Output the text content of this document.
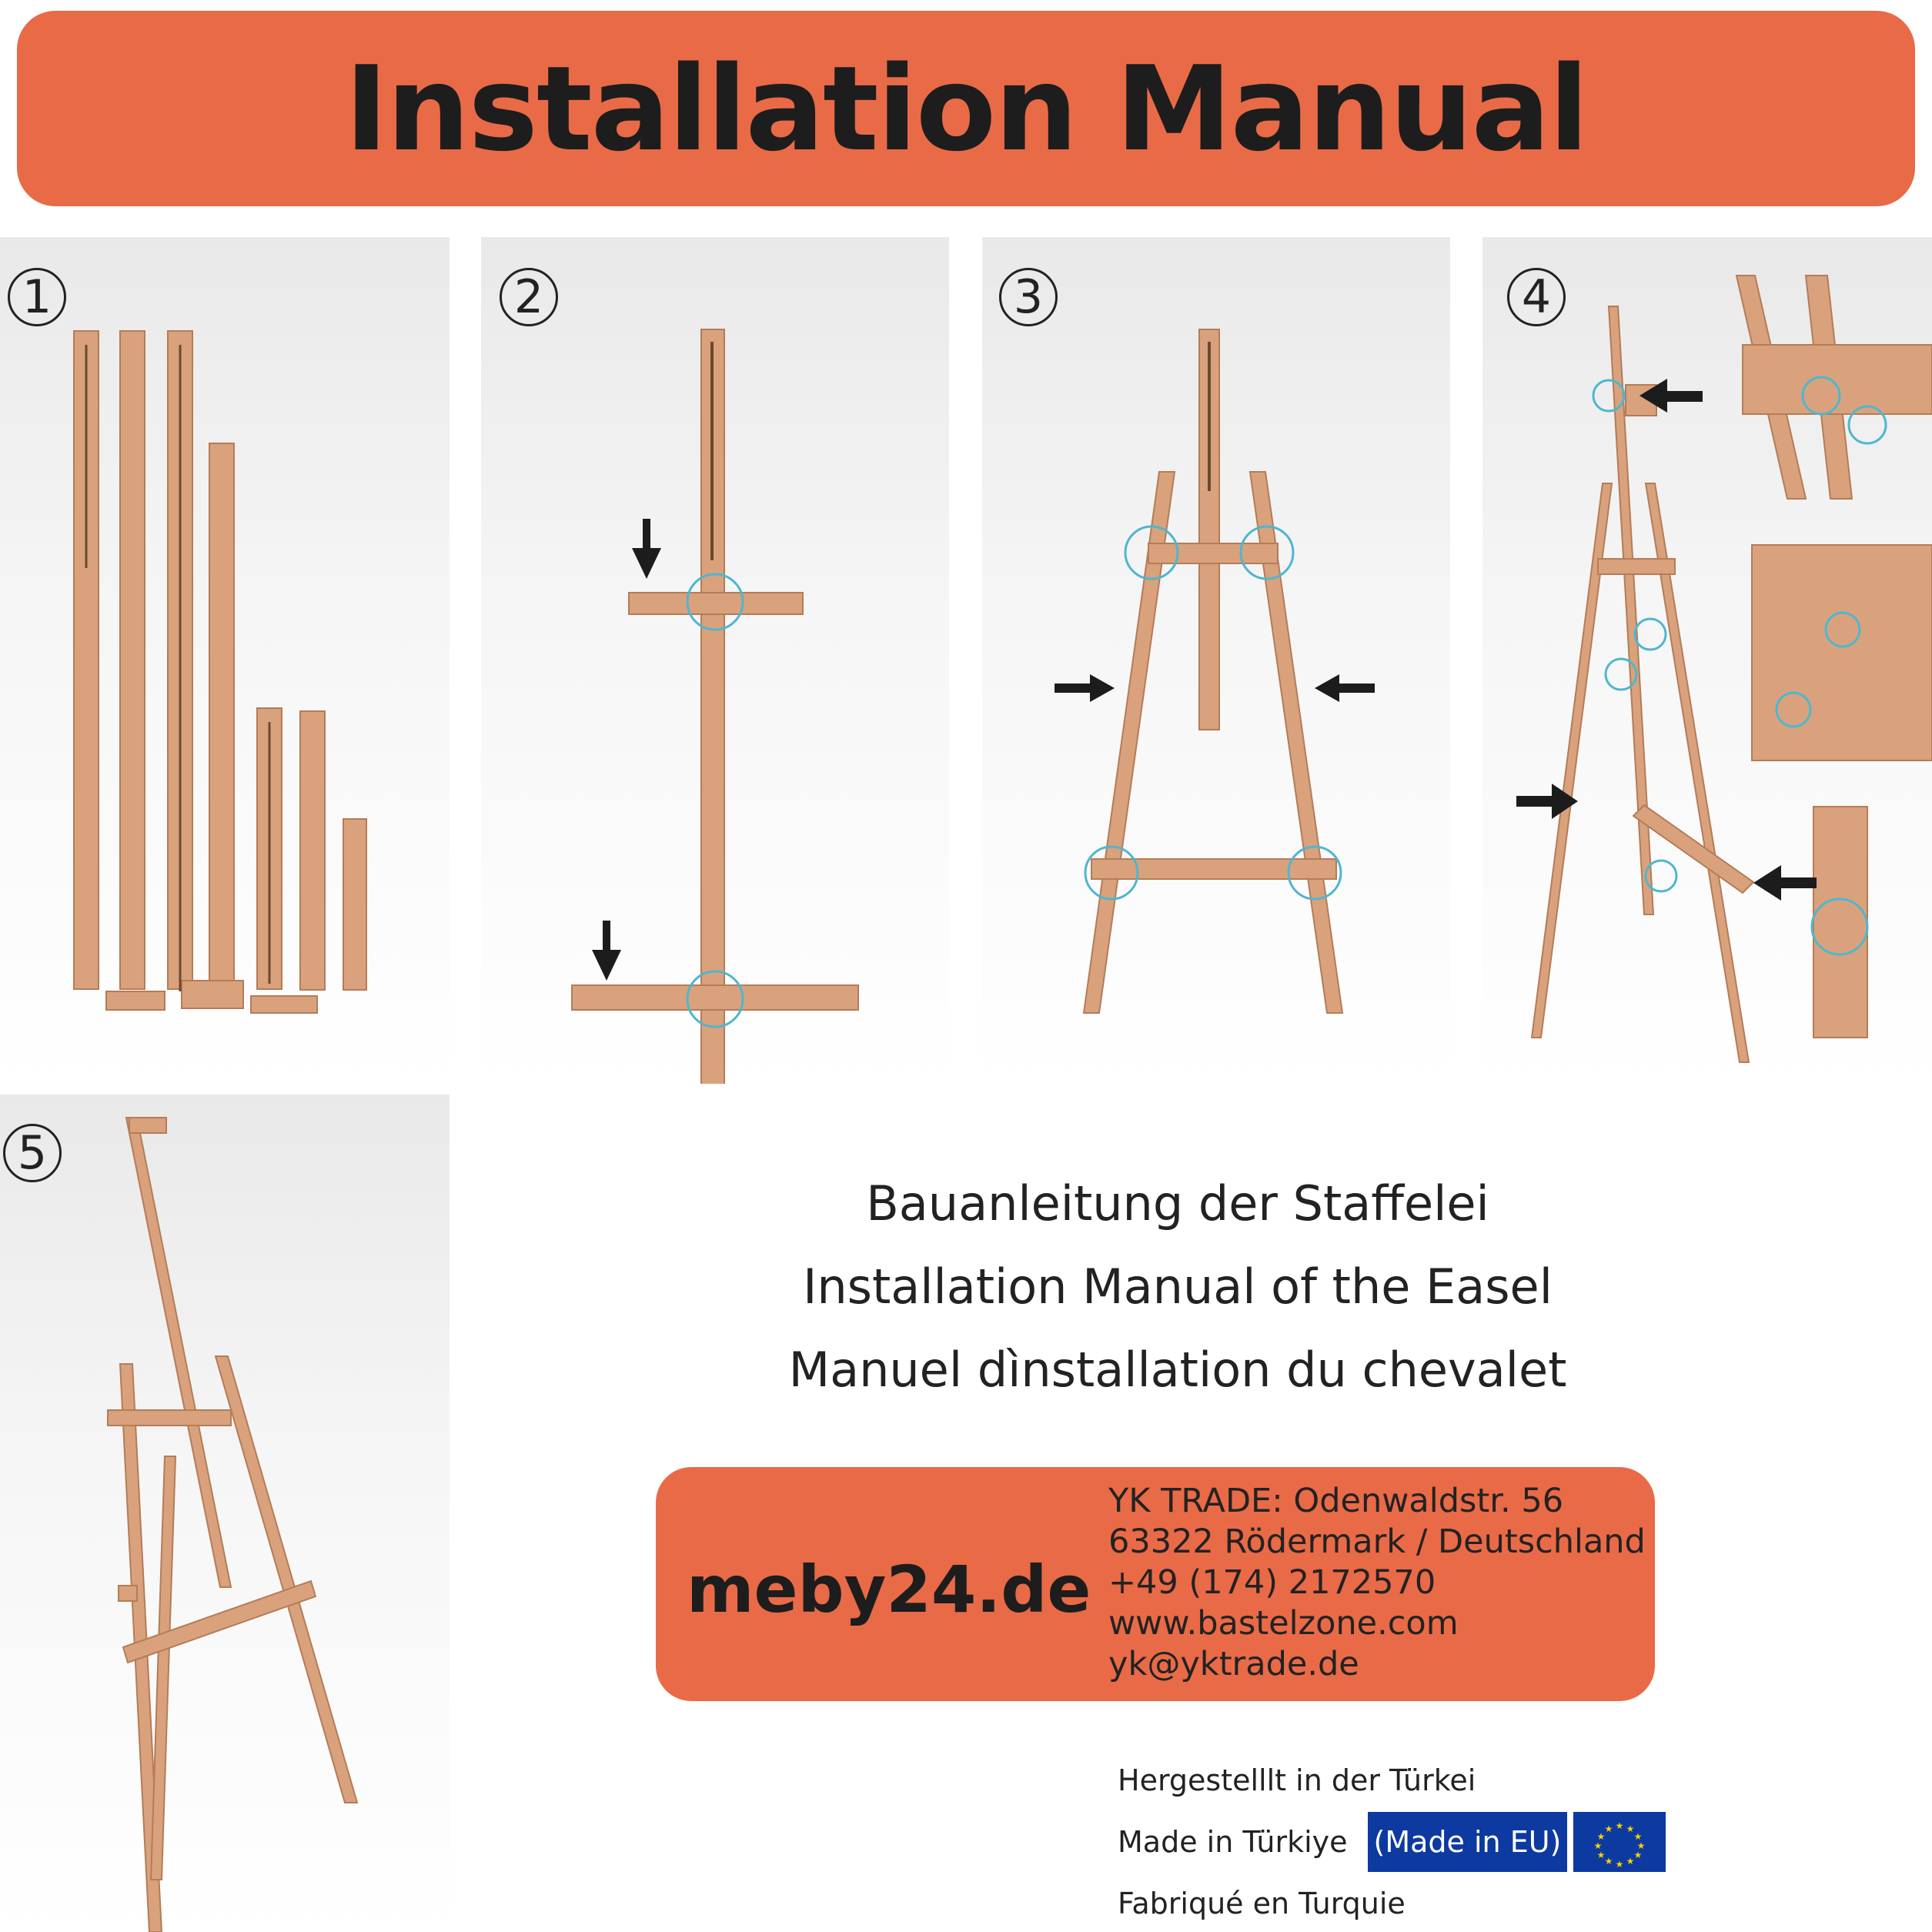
Installation Manual
1	2	3	4
5
Bauanleitung der Staffelei
Installation Manual of the Easel
Manuel dìnstallation du chevalet
meby24.de
YK TRADE: Odenwaldstr. 56
63322 Rödermark / Deutschland
+49 (174) 2172570
www.bastelzone.com
yk@yktrade.de
Hergestelllt in der Türkei
Made in Türkiye (Made in EU)	★ ★
★
★
★
★
★
★
★
★
★
★
Fabriqué en Turquie
